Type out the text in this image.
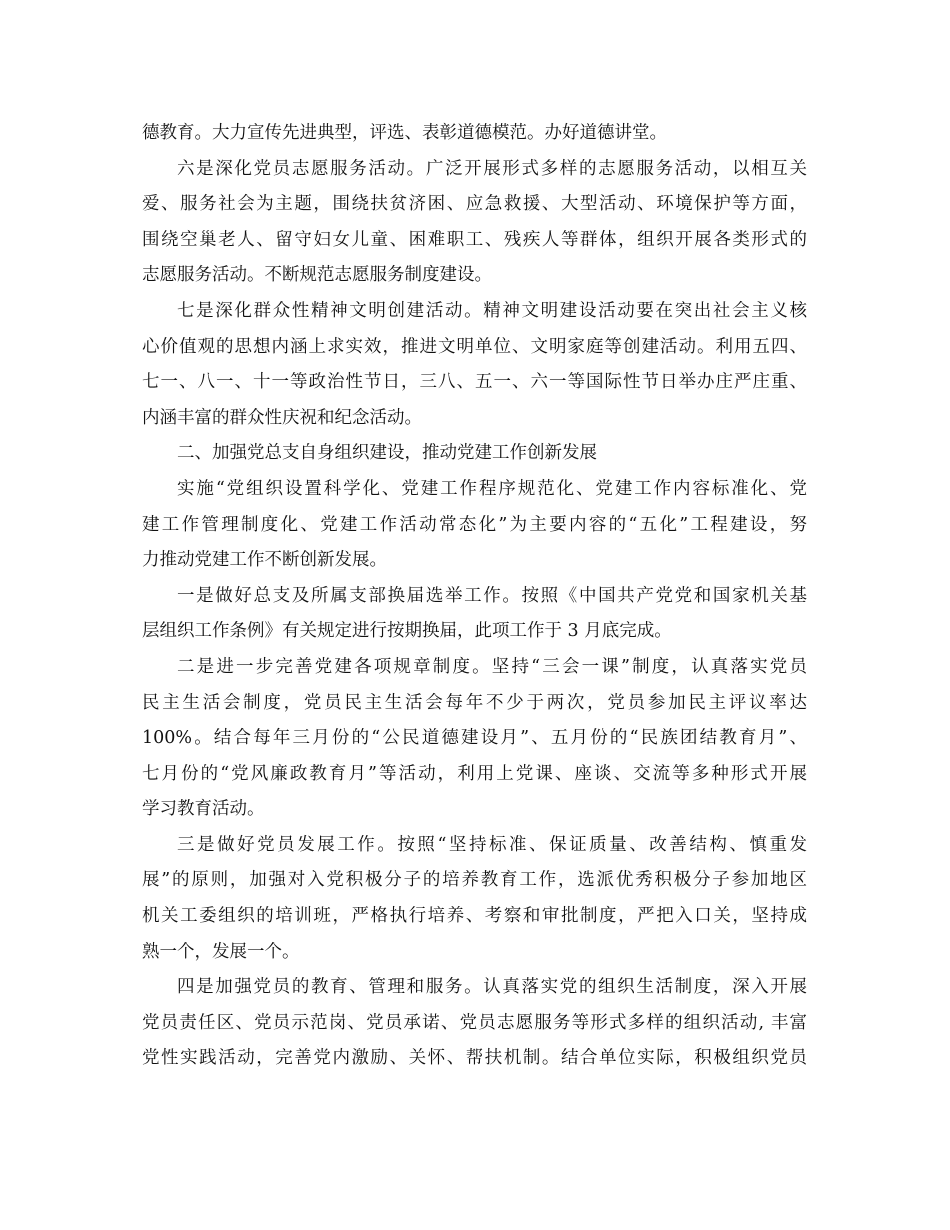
德教育。大力宣传先进典型，评选、表彰道德模范。办好道德讲堂。
六是深化党员志愿服务活动。广泛开展形式多样的志愿服务活动，以相互关
爱、服务社会为主题，围绕扶贫济困、应急救援、大型活动、环境保护等方面，
围绕空巢老人、留守妇女儿童、困难职工、残疾人等群体，组织开展各类形式的
志愿服务活动。不断规范志愿服务制度建设。
七是深化群众性精神文明创建活动。精神文明建设活动要在突出社会主义核
心价值观的思想内涵上求实效，推进文明单位、文明家庭等创建活动。利用五四、
七一、八一、十一等政治性节日，三八、五一、六一等国际性节日举办庄严庄重、
内涵丰富的群众性庆祝和纪念活动。
二、加强党总支自身组织建设，推动党建工作创新发展
实施“党组织设置科学化、党建工作程序规范化、党建工作内容标准化、党
建工作管理制度化、党建工作活动常态化”为主要内容的“五化”工程建设，努
力推动党建工作不断创新发展。
一是做好总支及所属支部换届选举工作。按照《中国共产党党和国家机关基
层组织工作条例》有关规定进行按期换届，此项工作于 3 月底完成。
二是进一步完善党建各项规章制度。坚持“三会一课”制度，认真落实党员
民主生活会制度，党员民主生活会每年不少于两次，党员参加民主评议率达
100%。结合每年三月份的“公民道德建设月”、五月份的“民族团结教育月”、
七月份的“党风廉政教育月”等活动，利用上党课、座谈、交流等多种形式开展
学习教育活动。
三是做好党员发展工作。按照“坚持标准、保证质量、改善结构、慎重发
展”的原则，加强对入党积极分子的培养教育工作，选派优秀积极分子参加地区
机关工委组织的培训班，严格执行培养、考察和审批制度，严把入口关，坚持成
熟一个，发展一个。
四是加强党员的教育、管理和服务。认真落实党的组织生活制度，深入开展
党员责任区、党员示范岗、党员承诺、党员志愿服务等形式多样的组织活动, 丰富
党性实践活动，完善党内激励、关怀、帮扶机制。结合单位实际，积极组织党员
